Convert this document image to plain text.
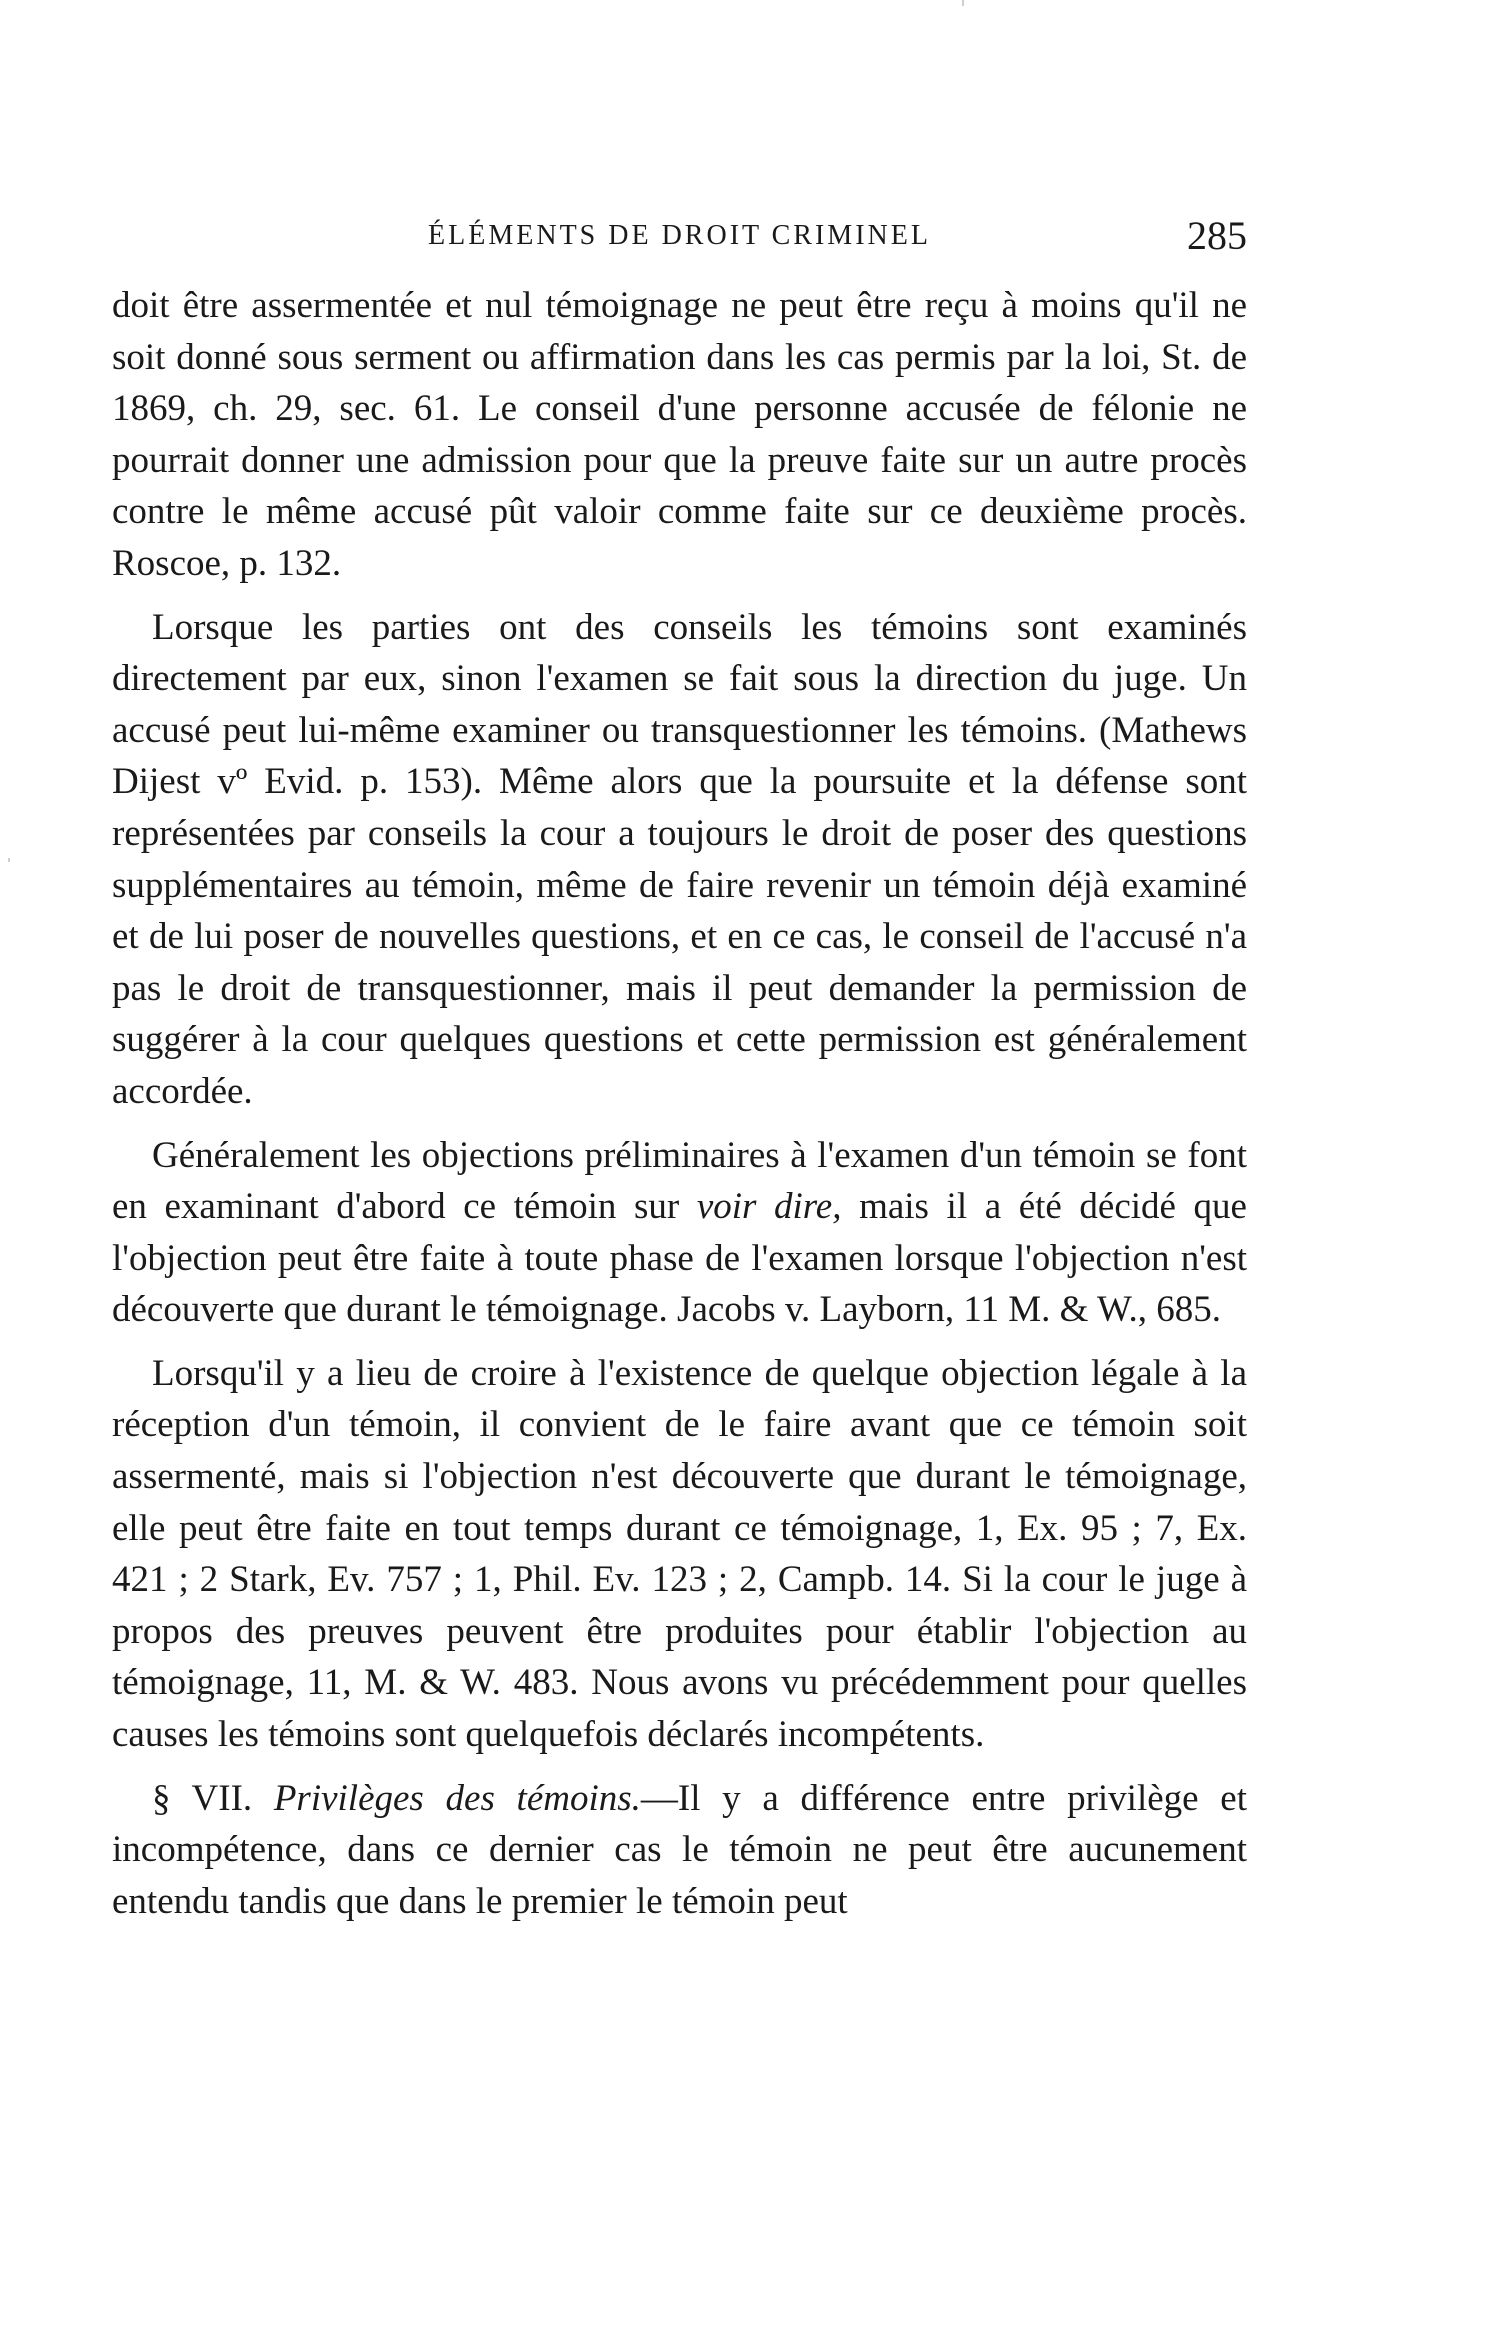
ÉLÉMENTS DE DROIT CRIMINEL	285

doit être assermentée et nul témoignage ne peut être reçu à moins qu'il ne soit donné sous serment ou affirmation dans les cas permis par la loi, St. de 1869, ch. 29, sec. 61. Le conseil d'une personne accusée de félonie ne pourrait donner une admission pour que la preuve faite sur un autre procès contre le même accusé pût valoir comme faite sur ce deuxième procès. Roscoe, p. 132.

Lorsque les parties ont des conseils les témoins sont examinés directement par eux, sinon l'examen se fait sous la direction du juge. Un accusé peut lui-même examiner ou transquestionner les témoins. (Mathews Dijest vº Evid. p. 153). Même alors que la poursuite et la défense sont représentées par conseils la cour a toujours le droit de poser des questions supplémentaires au témoin, même de faire revenir un témoin déjà examiné et de lui poser de nouvelles questions, et en ce cas, le conseil de l'accusé n'a pas le droit de transquestionner, mais il peut demander la permission de suggérer à la cour quelques questions et cette permission est généralement accordée.

Généralement les objections préliminaires à l'examen d'un témoin se font en examinant d'abord ce témoin sur voir dire, mais il a été décidé que l'objection peut être faite à toute phase de l'examen lorsque l'objection n'est découverte que durant le témoignage. Jacobs v. Layborn, 11 M. & W., 685.

Lorsqu'il y a lieu de croire à l'existence de quelque objection légale à la réception d'un témoin, il convient de le faire avant que ce témoin soit assermenté, mais si l'objection n'est découverte que durant le témoignage, elle peut être faite en tout temps durant ce témoignage, 1, Ex. 95 ; 7, Ex. 421 ; 2 Stark, Ev. 757 ; 1, Phil. Ev. 123 ; 2, Campb. 14. Si la cour le juge à propos des preuves peuvent être produites pour établir l'objection au témoignage, 11, M. & W. 483. Nous avons vu précédemment pour quelles causes les témoins sont quelquefois déclarés incompétents.

§ VII. Privilèges des témoins.—Il y a différence entre privilège et incompétence, dans ce dernier cas le témoin ne peut être aucunement entendu tandis que dans le premier le témoin peut
